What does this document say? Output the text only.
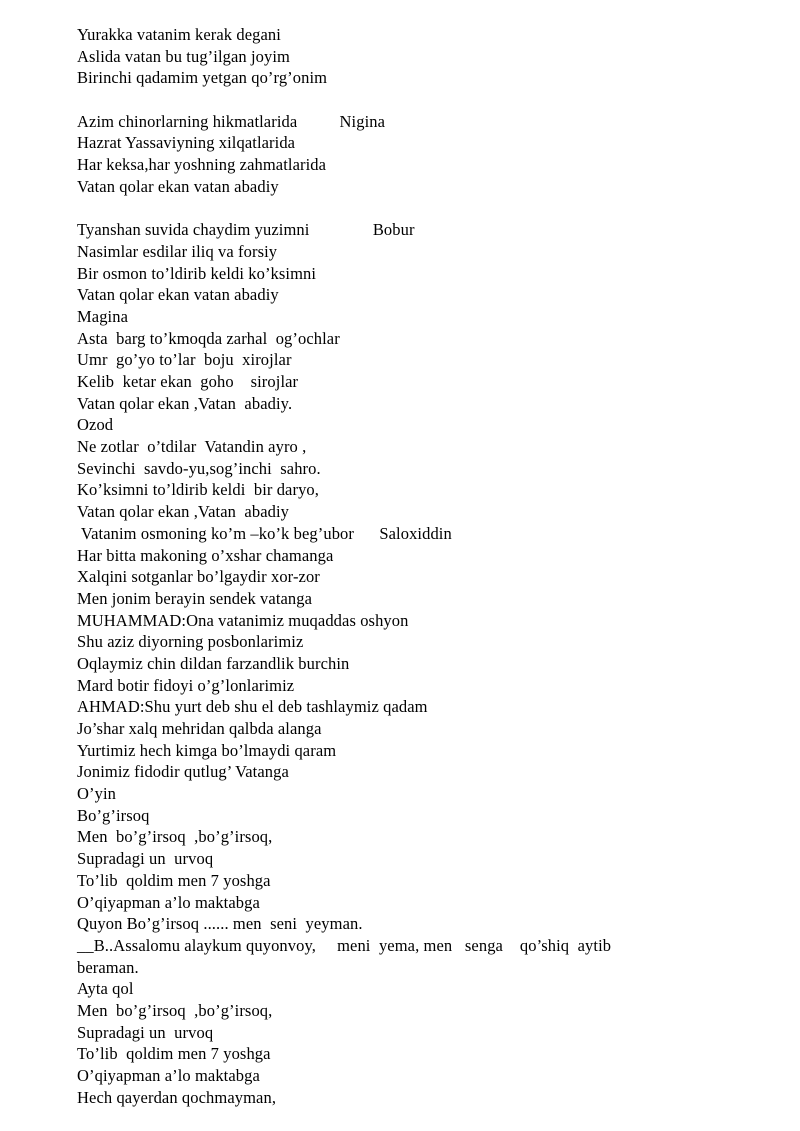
Yurakka vatanim kerak degani
Aslida vatan bu tug’ilgan joyim
Birinchi qadamim yetgan qo’rg’onim
Azim chinorlarning hikmatlarida          Nigina
Hazrat Yassaviyning xilqatlarida
Har keksa,har yoshning zahmatlarida
Vatan qolar ekan vatan abadiy
Tyanshan suvida chaydim yuzimni               Bobur
Nasimlar esdilar iliq va forsiy
Bir osmon to’ldirib keldi ko’ksimni
Vatan qolar ekan vatan abadiy
Magina
Asta  barg to’kmoqda zarhal  og’ochlar
Umr  go’yo to’lar  boju  xirojlar
Kelib  ketar ekan  goho    sirojlar
Vatan qolar ekan ,Vatan  abadiy.
Ozod
Ne zotlar  o’tdilar  Vatandin ayro ,
Sevinchi  savdo-yu,sog’inchi  sahro.
Ko’ksimni to’ldirib keldi  bir daryo,
Vatan qolar ekan ,Vatan  abadiy
Vatanim osmoning ko’m –ko’k beg’ubor      Saloxiddin
Har bitta makoning o’xshar chamanga
Xalqini sotganlar bo’lgaydir xor-zor
Men jonim berayin sendek vatanga
MUHAMMAD:Ona vatanimiz muqaddas oshyon
Shu aziz diyorning posbonlarimiz
Oqlaymiz chin dildan farzandlik burchin
Mard botir fidoyi o’g’lonlarimiz
AHMAD:Shu yurt deb shu el deb tashlaymiz qadam
Jo’shar xalq mehridan qalbda alanga
Yurtimiz hech kimga bo’lmaydi qaram
Jonimiz fidodir qutlug’ Vatanga
O’yin
Bo’g’irsoq
Men  bo’g’irsoq  ,bo’g’irsoq,
Supradagi un  urvoq
To’lib  qoldim men 7 yoshga
O’qiyapman a’lo maktabga
Quyon Bo’g’irsoq ...... men  seni  yeyman.
__B..Assalomu alaykum quyonvoy,     meni  yema, men   senga    qo’shiq  aytib
beraman.
Ayta qol
Men  bo’g’irsoq  ,bo’g’irsoq,
Supradagi un  urvoq
To’lib  qoldim men 7 yoshga
O’qiyapman a’lo maktabga
Hech qayerdan qochmayman,
